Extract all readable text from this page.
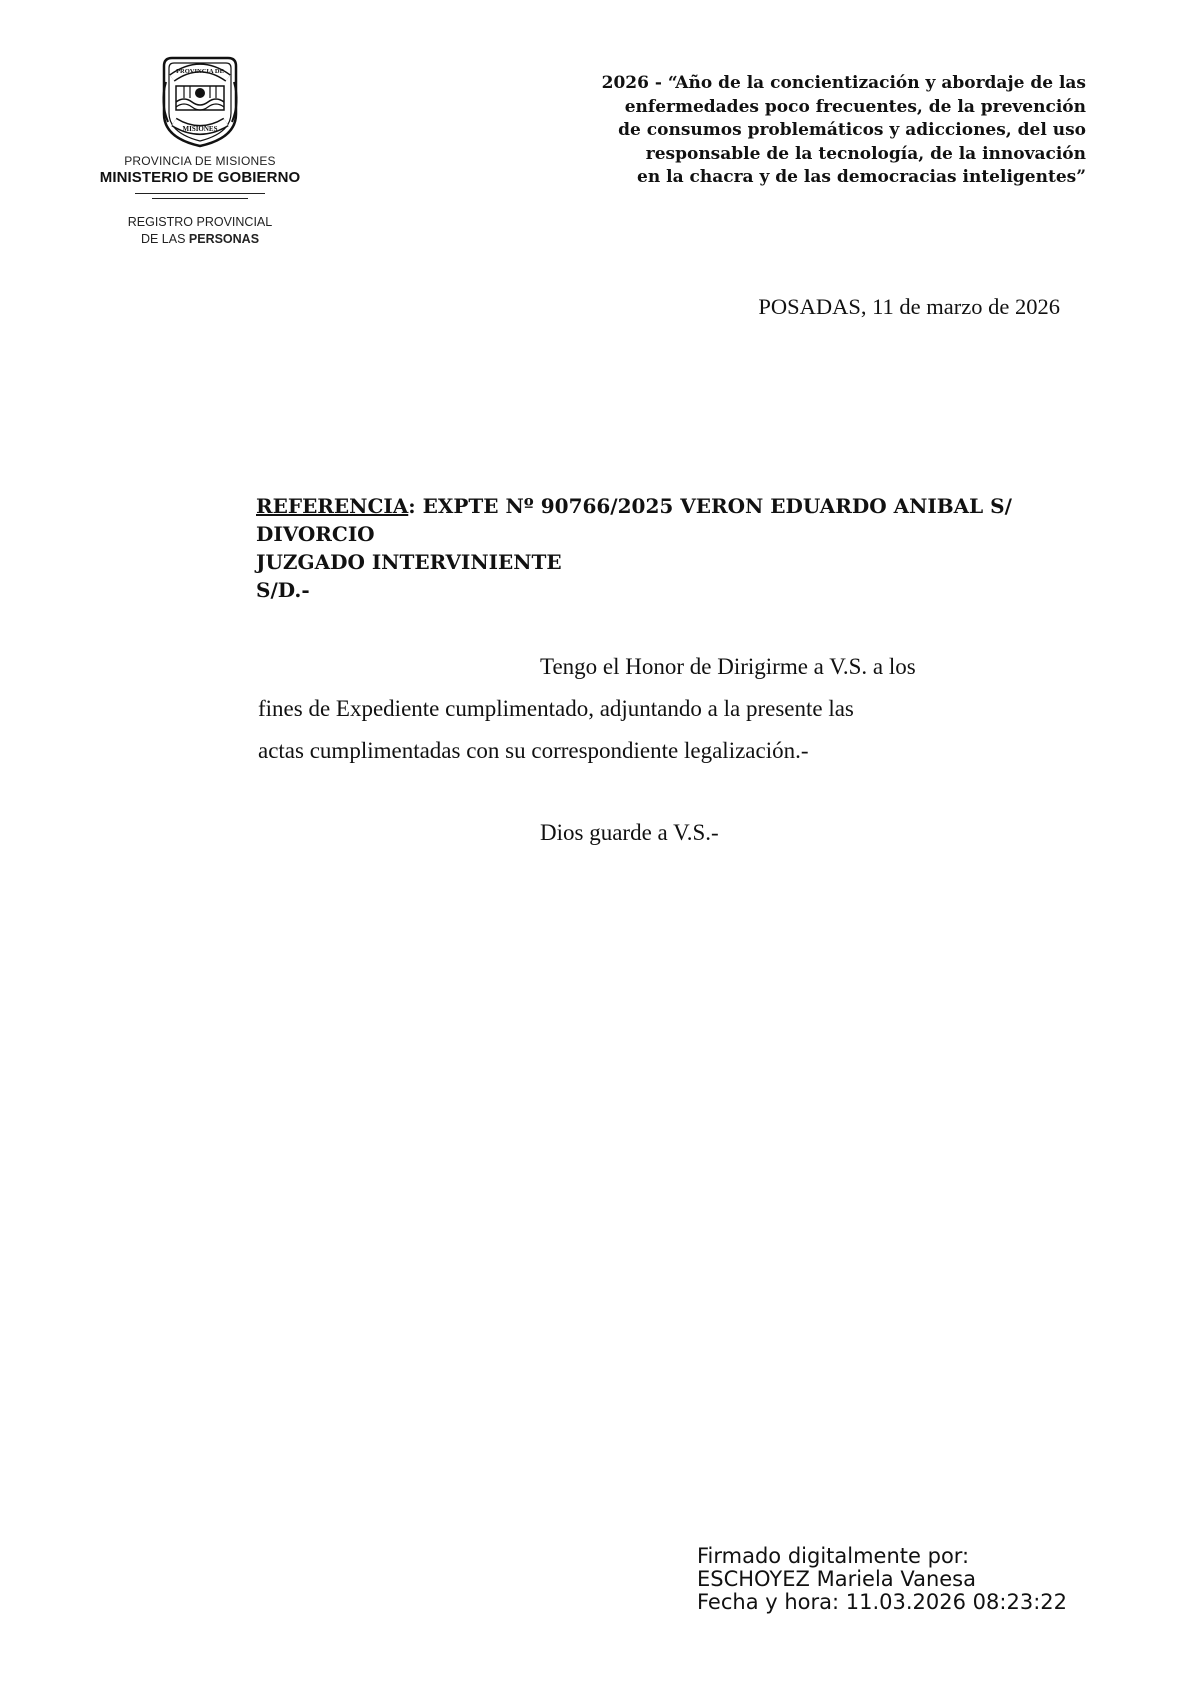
PROVINCIA DE
MISIONES
PROVINCIA DE MISIONES
MINISTERIO DE GOBIERNO
REGISTRO PROVINCIAL
DE LAS PERSONAS
2026 - “Año de la concientización y abordaje de las
enfermedades poco frecuentes, de la prevención
de consumos problemáticos y adicciones, del uso
responsable de la tecnología, de la innovación
en la chacra y de las democracias inteligentes”
POSADAS, 11 de marzo de 2026
REFERENCIA: EXPTE Nº 90766/2025 VERON EDUARDO ANIBAL S/
DIVORCIO
JUZGADO INTERVINIENTE
S/D.-
Tengo el Honor de Dirigirme a V.S. a los
fines de Expediente cumplimentado, adjuntando a la presente las
actas cumplimentadas con su correspondiente legalización.-
Dios guarde a V.S.-
Firmado digitalmente por:
ESCHOYEZ Mariela Vanesa
Fecha y hora: 11.03.2026 08:23:22
